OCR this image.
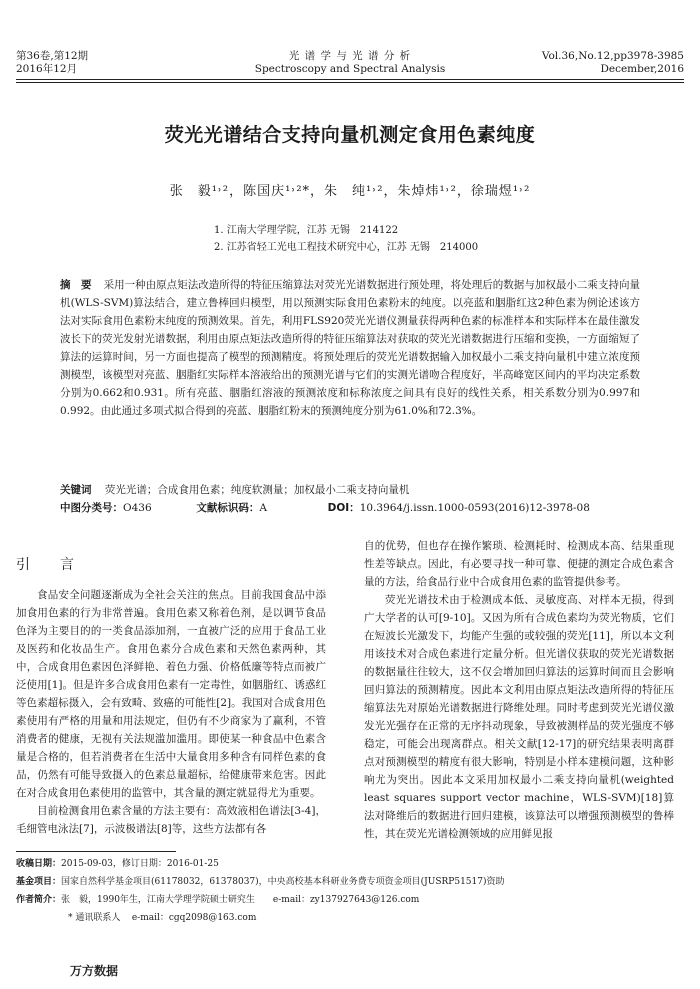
第36卷,第12期
2016年12月
光 谱 学 与 光 谱 分 析
Spectroscopy and Spectral Analysis
Vol.36,No.12,pp3978-3985
December,2016
荧光光谱结合支持向量机测定食用色素纯度
张　毅¹˒²，陈国庆¹˒²*，朱　纯¹˒²，朱焯炜¹˒²，徐瑞煜¹˒²
1. 江南大学理学院，江苏 无锡　214122
2. 江苏省轻工光电工程技术研究中心，江苏 无锡　214000
摘　要 采用一种由原点矩法改造所得的特征压缩算法对荧光光谱数据进行预处理，将处理后的数据与加权最小二乘支持向量机(WLS-SVM)算法结合，建立鲁棒回归模型，用以预测实际食用色素粉末的纯度。以亮蓝和胭脂红这2种色素为例论述该方法对实际食用色素粉末纯度的预测效果。首先，利用FLS920荧光光谱仪测量获得两种色素的标准样本和实际样本在最佳激发波长下的荧光发射光谱数据，利用由原点矩法改造所得的特征压缩算法对获取的荧光光谱数据进行压缩和变换，一方面缩短了算法的运算时间，另一方面也提高了模型的预测精度。将预处理后的荧光光谱数据输入加权最小二乘支持向量机中建立浓度预测模型，该模型对亮蓝、胭脂红实际样本溶液给出的预测光谱与它们的实测光谱吻合程度好，半高峰宽区间内的平均决定系数分别为0.662和0.931。所有亮蓝、胭脂红溶液的预测浓度和标称浓度之间具有良好的线性关系，相关系数分别为0.997和0.992。由此通过多项式拟合得到的亮蓝、胭脂红粉末的预测纯度分别为61.0%和72.3%。
关键词 荧光光谱；合成食用色素；纯度软测量；加权最小二乘支持向量机
中图分类号：O436	文献标识码：A	DOI：10.3964/j.issn.1000-0593(2016)12-3978-08
引　言

食品安全问题逐渐成为全社会关注的焦点。目前我国食品中添加食用色素的行为非常普遍。食用色素又称着色剂，是以调节食品色泽为主要目的的一类食品添加剂，一直被广泛的应用于食品工业及医药和化妆品生产。食用色素分合成色素和天然色素两种，其中，合成食用色素因色泽鲜艳、着色力强、价格低廉等特点而被广泛使用[1]。但是许多合成食用色素有一定毒性，如胭脂红、诱惑红等色素超标摄入，会有致畸、致癌的可能性[2]。我国对合成食用色素使用有严格的用量和用法规定，但仍有不少商家为了赢利，不管消费者的健康，无视有关法规滥加滥用。即使某一种食品中色素含量是合格的，但若消费者在生活中大量食用多种含有同样色素的食品，仍然有可能导致摄入的色素总量超标，给健康带来危害。因此在对合成食用色素使用的监管中，其含量的测定就显得尤为重要。

目前检测食用色素含量的方法主要有：高效液相色谱法[3-4]，毛细管电泳法[7]，示波极谱法[8]等，这些方法都有各

自的优势，但也存在操作繁琐、检测耗时、检测成本高、结果重现性差等缺点。因此，有必要寻找一种可靠、便捷的测定合成色素含量的方法，给食品行业中合成食用色素的监管提供参考。

荧光光谱技术由于检测成本低、灵敏度高、对样本无损，得到广大学者的认可[9-10]。又因为所有合成色素均为荧光物质，它们在短波长光激发下，均能产生强的或较强的荧光[11]，所以本文利用该技术对合成色素进行定量分析。但光谱仪获取的荧光光谱数据的数据量往往较大，这不仅会增加回归算法的运算时间而且会影响回归算法的预测精度。因此本文利用由原点矩法改造所得的特征压缩算法先对原始光谱数据进行降维处理。同时考虑到荧光光谱仪激发光光强存在正常的无序抖动现象，导致被测样品的荧光强度不够稳定，可能会出现离群点。相关文献[12-17]的研究结果表明离群点对预测模型的精度有很大影响，特别是小样本建模问题，这种影响尤为突出。因此本文采用加权最小二乘支持向量机(weighted least squares support vector machine，WLS-SVM)[18]算法对降维后的数据进行回归建模，该算法可以增强预测模型的鲁棒性，其在荧光光谱检测领域的应用鲜见报

收稿日期：2015-09-03，修订日期：2016-01-25
基金项目：国家自然科学基金项目(61178032，61378037)，中央高校基本科研业务费专项资金项目(JUSRP51517)资助
作者简介：张　毅，1990年生，江南大学理学院硕士研究生　　e-mail：zy137927643@126.com
* 通讯联系人 e-mail：cgq2098@163.com
万方数据
